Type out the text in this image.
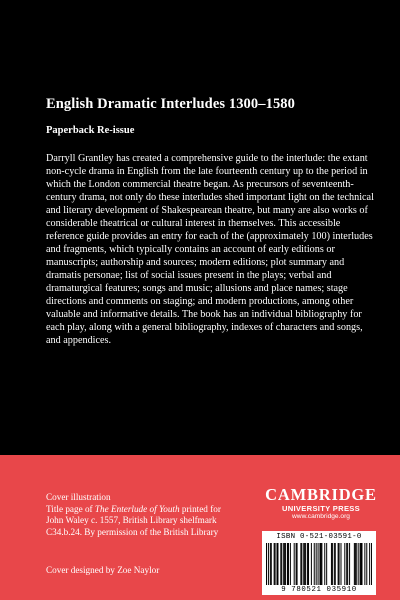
English Dramatic Interludes 1300–1580
Paperback Re-issue
Darryll Grantley has created a comprehensive guide to the interlude: the extant non-cycle drama in English from the late fourteenth century up to the period in which the London commercial theatre began. As precursors of seventeenth-century drama, not only do these interludes shed important light on the technical and literary development of Shakespearean theatre, but many are also works of considerable theatrical or cultural interest in themselves. This accessible reference guide provides an entry for each of the (approximately 100) interludes and fragments, which typically contains an account of early editions or manuscripts; authorship and sources; modern editions; plot summary and dramatis personae; list of social issues present in the plays; verbal and dramaturgical features; songs and music; allusions and place names; stage directions and comments on staging; and modern productions, among other valuable and informative details. The book has an individual bibliography for each play, along with a general bibliography, indexes of characters and songs, and appendices.
Cover illustration
Title page of The Enterlude of Youth printed for John Waley c. 1557, British Library shelfmark C34.b.24. By permission of the British Library
Cover designed by Zoe Naylor
CAMBRIDGE
UNIVERSITY PRESS
www.cambridge.org
ISBN 0-521-03591-0
9 780521 035910
